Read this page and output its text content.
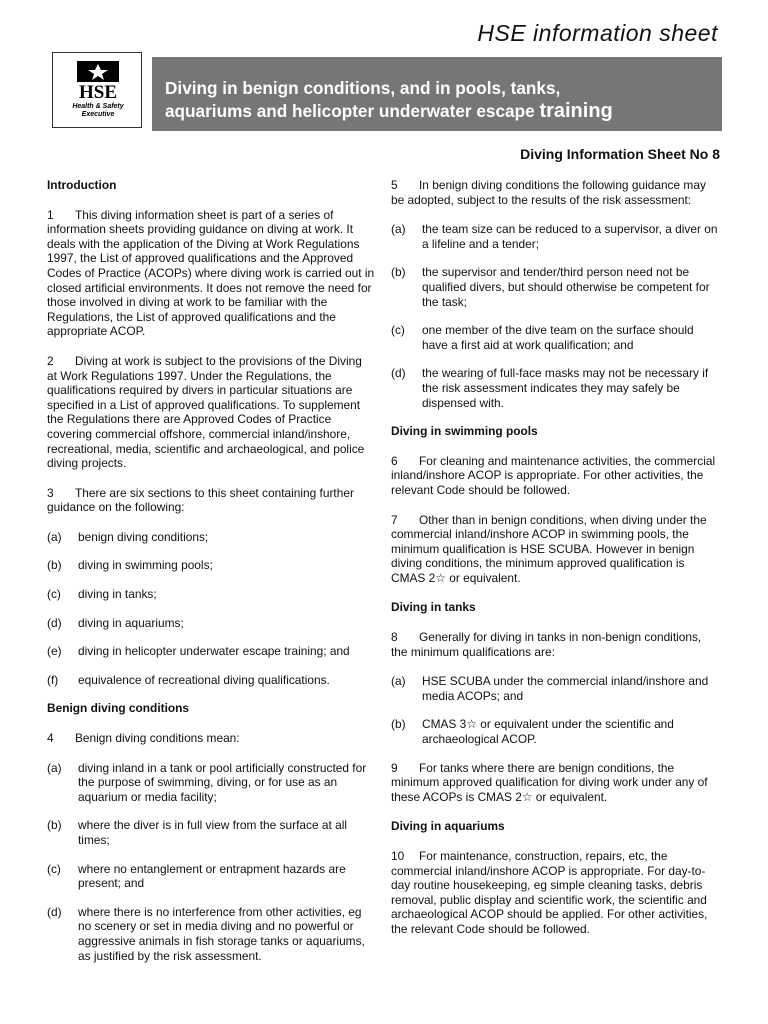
HSE information sheet
HSE
Health & Safety Executive
Diving in benign conditions, and in pools, tanks,
aquariums and helicopter underwater escape training
Diving Information Sheet No 8
Introduction
1 This diving information sheet is part of a series of information sheets providing guidance on diving at work. It deals with the application of the Diving at Work Regulations 1997, the List of approved qualifications and the Approved Codes of Practice (ACOPs) where diving work is carried out in closed artificial environments. It does not remove the need for those involved in diving at work to be familiar with the Regulations, the List of approved qualifications and the appropriate ACOP.
2 Diving at work is subject to the provisions of the Diving at Work Regulations 1997. Under the Regulations, the qualifications required by divers in particular situations are specified in a List of approved qualifications. To supplement the Regulations there are Approved Codes of Practice covering commercial offshore, commercial inland/inshore, recreational, media, scientific and archaeological, and police diving projects.
3 There are six sections to this sheet containing further guidance on the following:
(a)	benign diving conditions;
(b)	diving in swimming pools;
(c)	diving in tanks;
(d)	diving in aquariums;
(e)	diving in helicopter underwater escape training; and
(f)	equivalence of recreational diving qualifications.
Benign diving conditions
4 Benign diving conditions mean:
(a)	diving inland in a tank or pool artificially constructed for the purpose of swimming, diving, or for use as an aquarium or media facility;
(b)	where the diver is in full view from the surface at all times;
(c)	where no entanglement or entrapment hazards are present; and
(d)	where there is no interference from other activities, eg no scenery or set in media diving and no powerful or aggressive animals in fish storage tanks or aquariums, as justified by the risk assessment.
5 In benign diving conditions the following guidance may be adopted, subject to the results of the risk assessment:
(a)	the team size can be reduced to a supervisor, a diver on a lifeline and a tender;
(b)	the supervisor and tender/third person need not be qualified divers, but should otherwise be competent for the task;
(c)	one member of the dive team on the surface should have a first aid at work qualification; and
(d)	the wearing of full-face masks may not be necessary if the risk assessment indicates they may safely be dispensed with.
Diving in swimming pools
6 For cleaning and maintenance activities, the commercial inland/inshore ACOP is appropriate. For other activities, the relevant Code should be followed.
7 Other than in benign conditions, when diving under the commercial inland/inshore ACOP in swimming pools, the minimum qualification is HSE SCUBA. However in benign diving conditions, the minimum approved qualification is CMAS 2☆ or equivalent.
Diving in tanks
8 Generally for diving in tanks in non-benign conditions, the minimum qualifications are:
(a)	HSE SCUBA under the commercial inland/inshore and media ACOPs; and
(b)	CMAS 3☆ or equivalent under the scientific and archaeological ACOP.
9 For tanks where there are benign conditions, the minimum approved qualification for diving work under any of these ACOPs is CMAS 2☆ or equivalent.
Diving in aquariums
10 For maintenance, construction, repairs, etc, the commercial inland/inshore ACOP is appropriate. For day-to-day routine housekeeping, eg simple cleaning tasks, debris removal, public display and scientific work, the scientific and archaeological ACOP should be applied. For other activities, the relevant Code should be followed.
